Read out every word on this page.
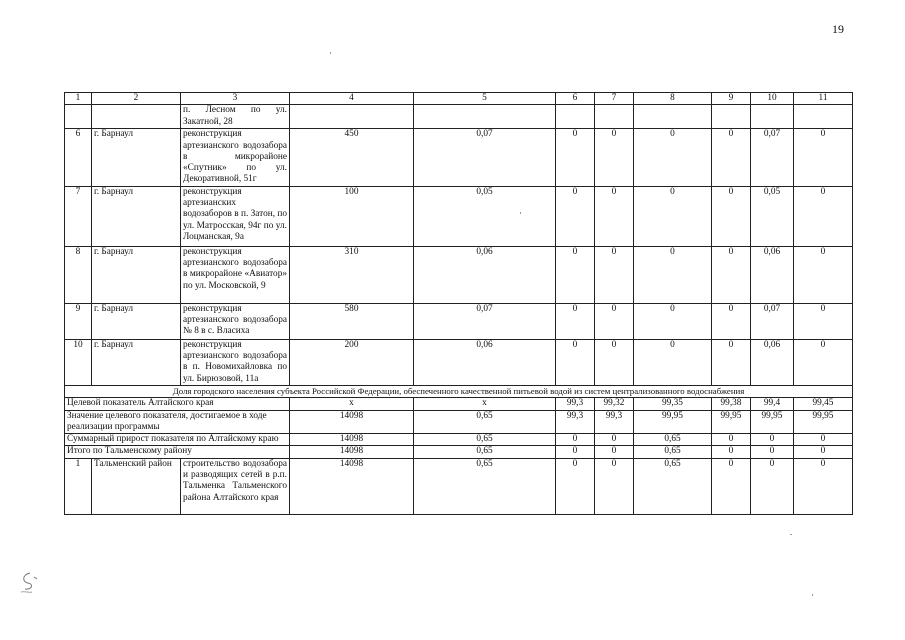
19
1	2	3	4	5	6	7	8	9	10	11
		п. Лесном по ул. Закатной, 28								
6	г. Барнаул	реконструкция артезианского водозабора в микрорайоне «Спутник» по ул. Декоративной, 51г	450	0,07	0	0	0	0	0,07	0
7	г. Барнаул	реконструкция артезианских водозаборов в п. Затон, по ул. Матросская, 94г по ул. Лоцманская, 9а	100	0,05	0	0	0	0	0,05	0
8	г. Барнаул	реконструкция артезианского водозабора в микрорайоне «Авиатор» по ул. Московской, 9	310	0,06	0	0	0	0	0,06	0
9	г. Барнаул	реконструкция артезианского водозабора № 8 в с. Власиха	580	0,07	0	0	0	0	0,07	0
10	г. Барнаул	реконструкция артезианского водозабора в п. Новомихайловка по ул. Бирюзовой, 11а	200	0,06	0	0	0	0	0,06	0
Доля городского населения субъекта Российской Федерации, обеспеченного качественной питьевой водой из систем централизованного водоснабжения										
Целевой показатель Алтайского края			х	х	99,3	99,32	99,35	99,38	99,4	99,45
Значение целевого показателя, достигаемое в ходе реализации программы			14098	0,65	99,3	99,3	99,95	99,95	99,95	99,95
Суммарный прирост показателя по Алтайскому краю			14098	0,65	0	0	0,65	0	0	0
Итого по Тальменскому району			14098	0,65	0	0	0,65	0	0	0
1	Тальменский район	строительство водозабора и разводящих сетей в р.п. Тальменка Тальменского района Алтайского края	14098	0,65	0	0	0,65	0	0	0
